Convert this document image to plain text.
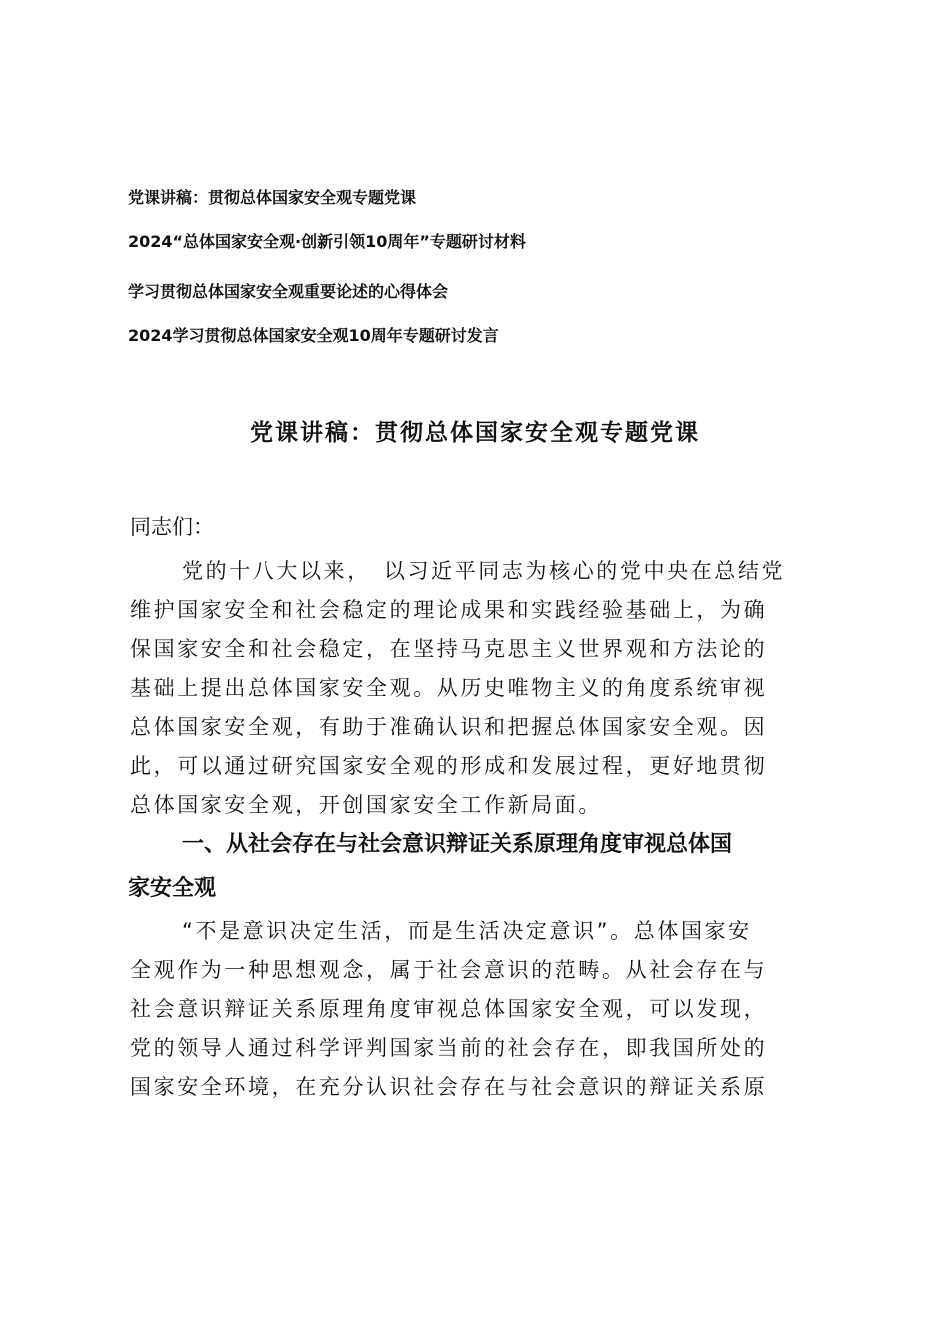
党课讲稿：贯彻总体国家安全观专题党课
2024“总体国家安全观·创新引领10周年”专题研讨材料
学习贯彻总体国家安全观重要论述的心得体会
2024学习贯彻总体国家安全观10周年专题研讨发言
党课讲稿：贯彻总体国家安全观专题党课
同志们：
党的十八大以来，　以习近平同志为核心的党中央在总结党
维护国家安全和社会稳定的理论成果和实践经验基础上，为确
保国家安全和社会稳定，在坚持马克思主义世界观和方法论的
基础上提出总体国家安全观。从历史唯物主义的角度系统审视
总体国家安全观，有助于准确认识和把握总体国家安全观。因
此，可以通过研究国家安全观的形成和发展过程，更好地贯彻
总体国家安全观，开创国家安全工作新局面。
一、从社会存在与社会意识辩证关系原理角度审视总体国
家安全观
“不是意识决定生活，而是生活决定意识”。总体国家安
全观作为一种思想观念，属于社会意识的范畴。从社会存在与
社会意识辩证关系原理角度审视总体国家安全观，可以发现，
党的领导人通过科学评判国家当前的社会存在，即我国所处的
国家安全环境，在充分认识社会存在与社会意识的辩证关系原
